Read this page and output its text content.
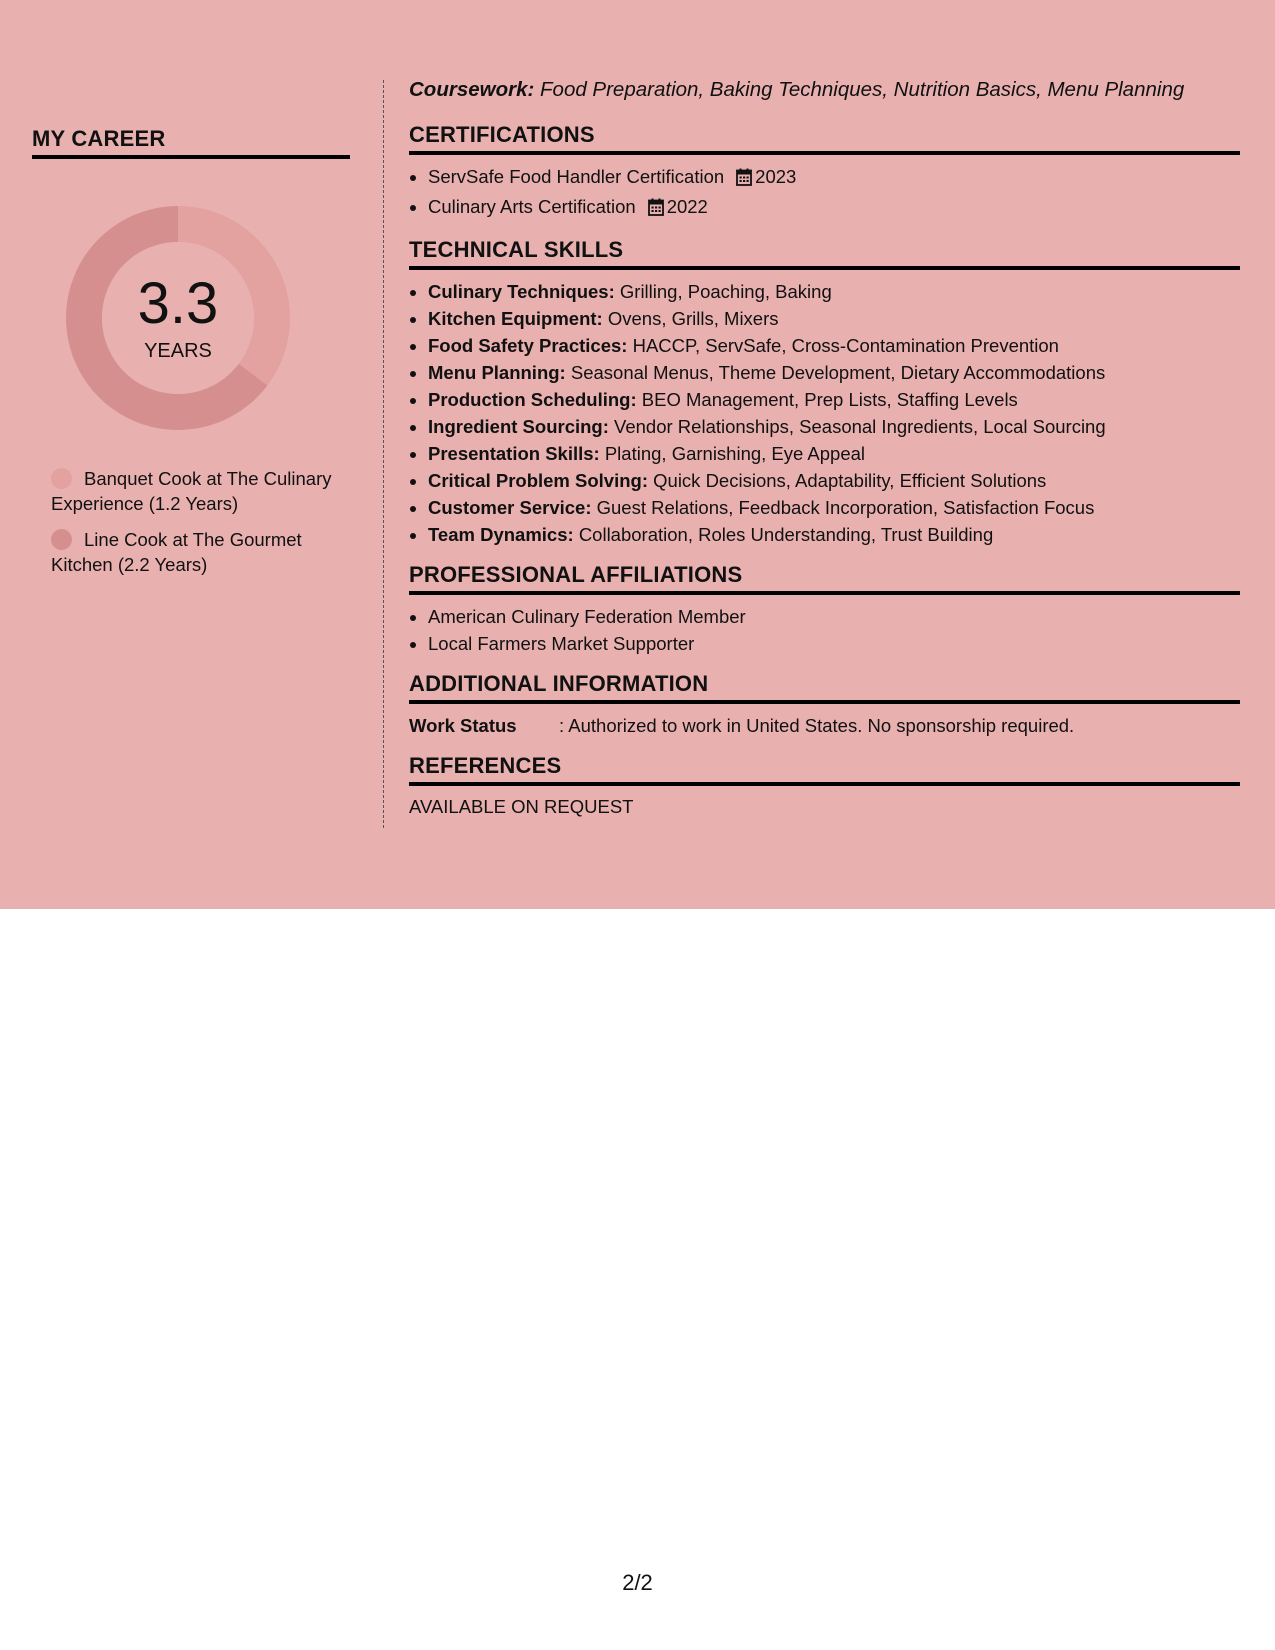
MY CAREER
3.3
YEARS
Banquet Cook at The Culinary Experience (1.2 Years)
Line Cook at The Gourmet Kitchen (2.2 Years)
Coursework: Food Preparation, Baking Techniques, Nutrition Basics, Menu Planning
CERTIFICATIONS
• ServSafe Food Handler Certification 2023
• Culinary Arts Certification 2022
TECHNICAL SKILLS
• Culinary Techniques: Grilling, Poaching, Baking
• Kitchen Equipment: Ovens, Grills, Mixers
• Food Safety Practices: HACCP, ServSafe, Cross-Contamination Prevention
• Menu Planning: Seasonal Menus, Theme Development, Dietary Accommodations
• Production Scheduling: BEO Management, Prep Lists, Staffing Levels
• Ingredient Sourcing: Vendor Relationships, Seasonal Ingredients, Local Sourcing
• Presentation Skills: Plating, Garnishing, Eye Appeal
• Critical Problem Solving: Quick Decisions, Adaptability, Efficient Solutions
• Customer Service: Guest Relations, Feedback Incorporation, Satisfaction Focus
• Team Dynamics: Collaboration, Roles Understanding, Trust Building
PROFESSIONAL AFFILIATIONS
• American Culinary Federation Member
• Local Farmers Market Supporter
ADDITIONAL INFORMATION
Work Status : Authorized to work in United States. No sponsorship required.
REFERENCES
AVAILABLE ON REQUEST
2/2
